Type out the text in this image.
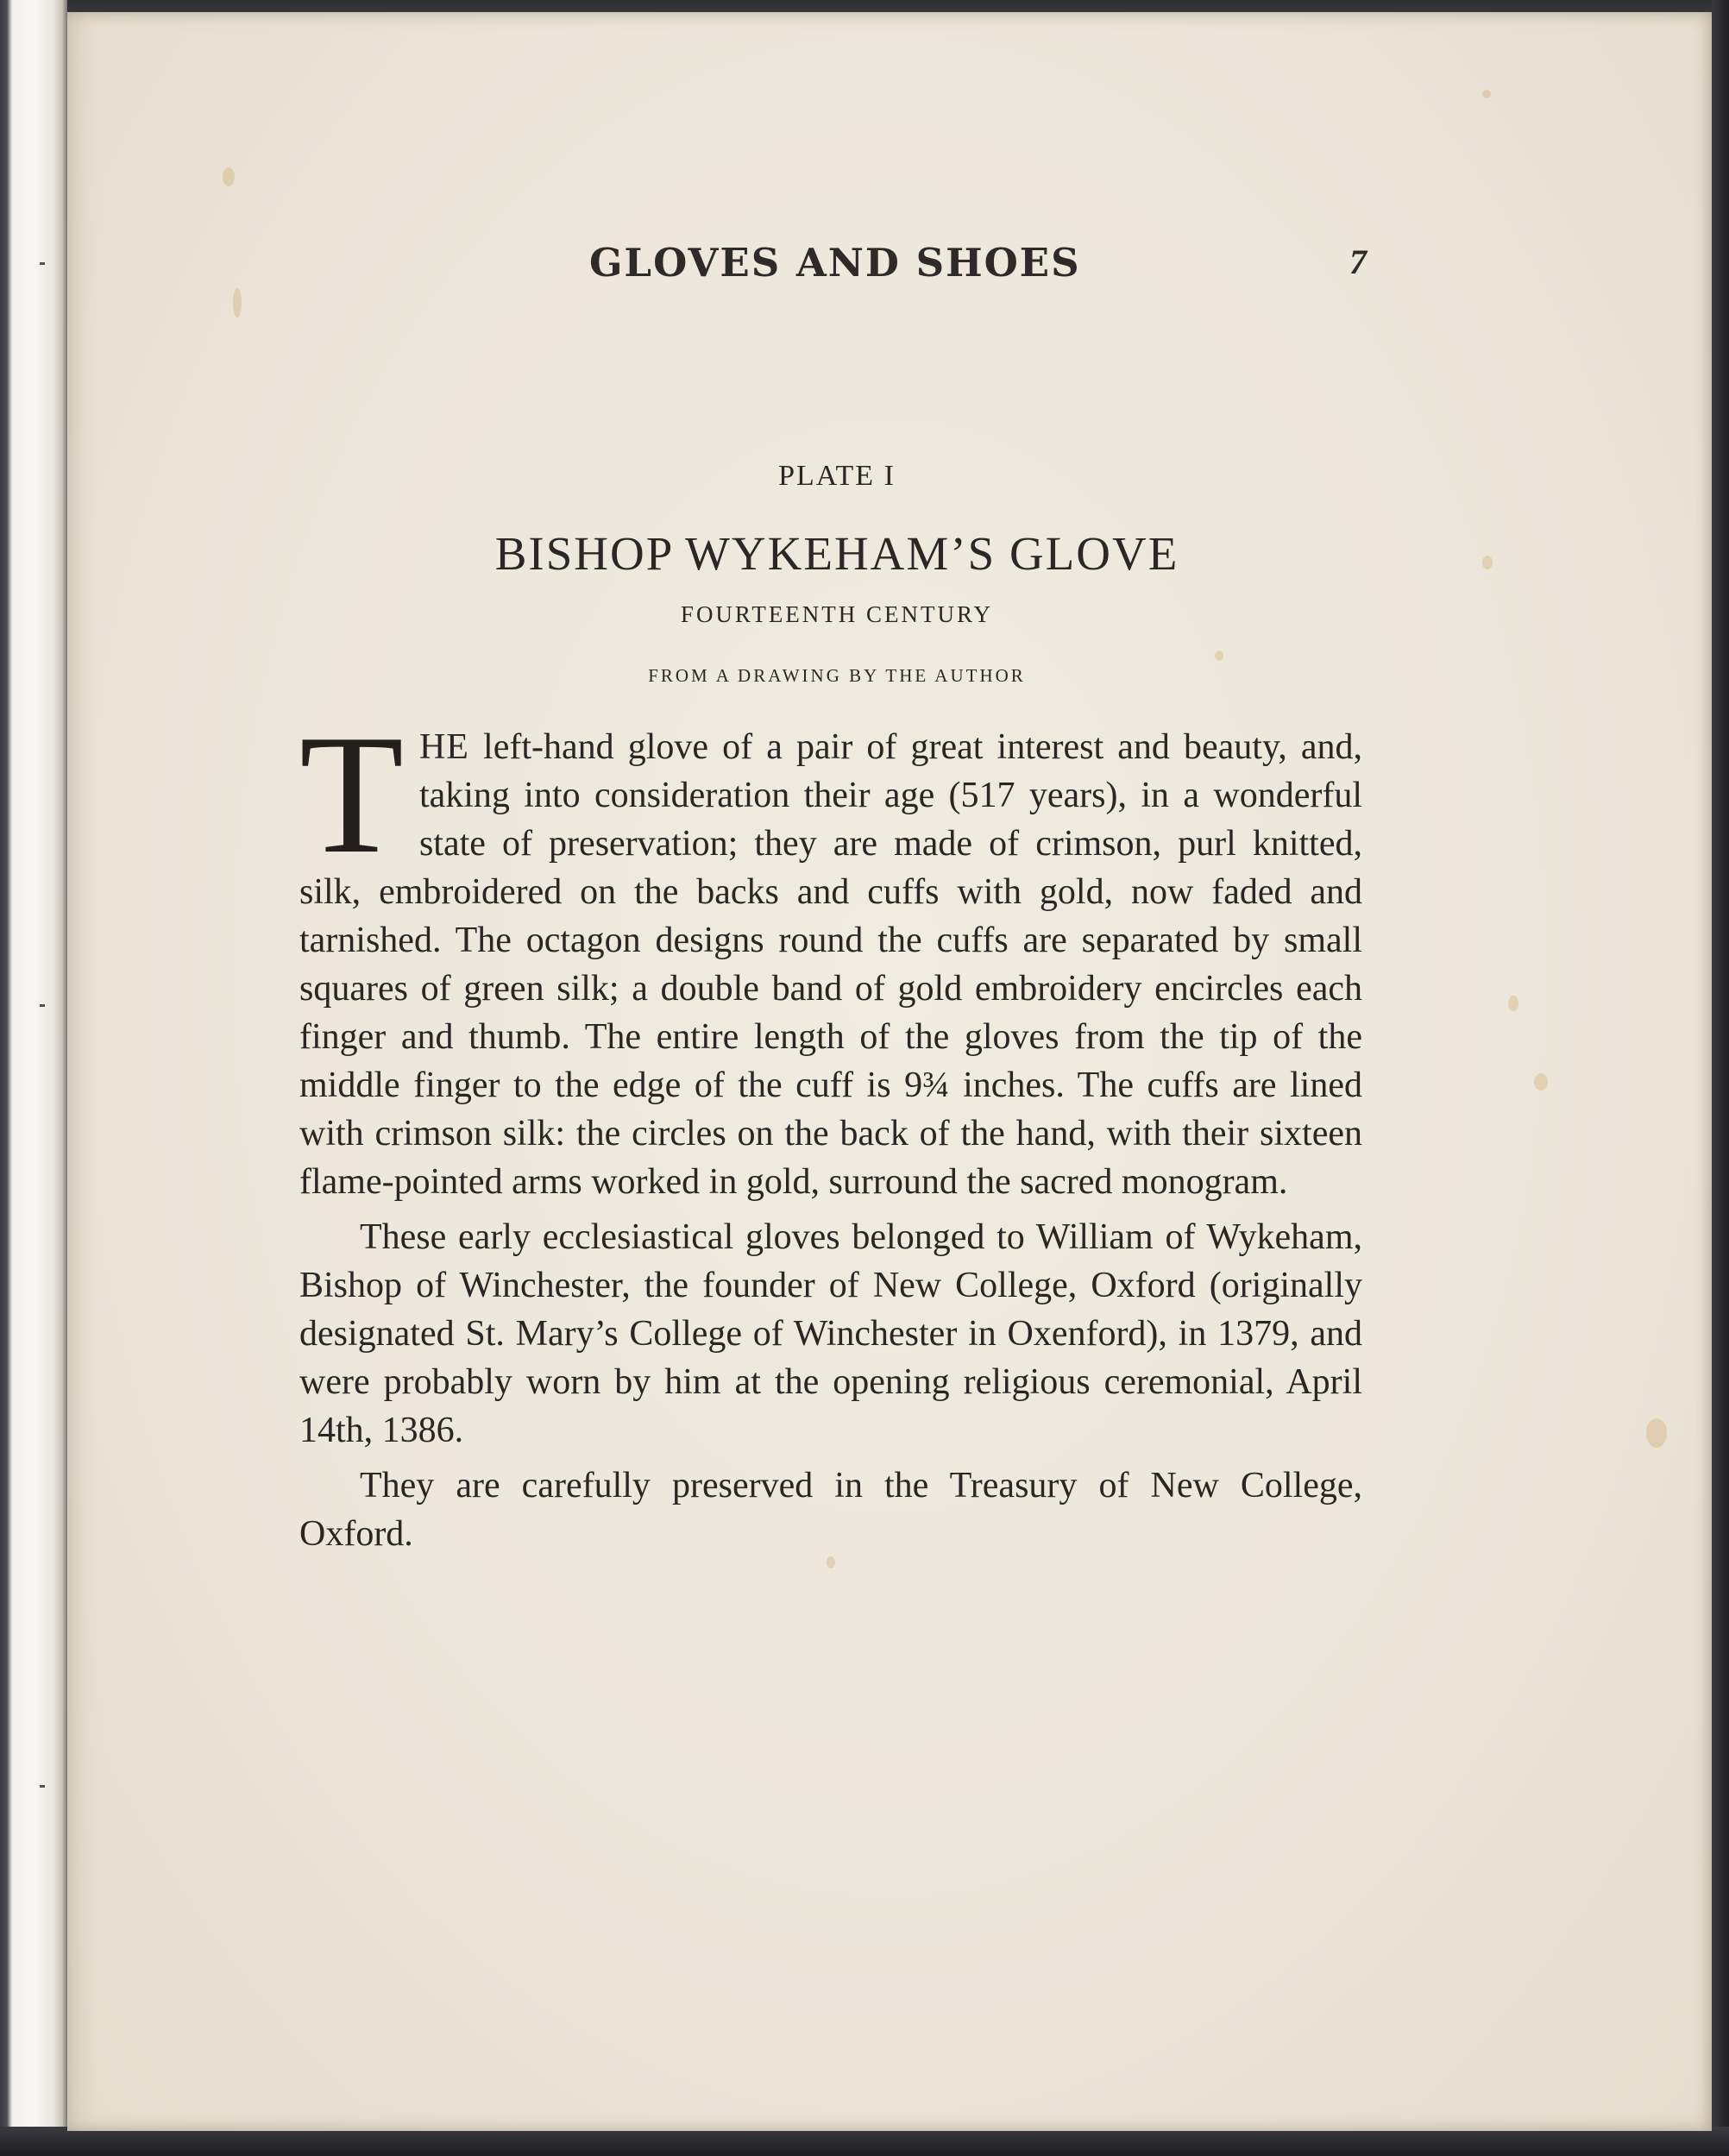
GLOVES AND SHOES	7
PLATE I
BISHOP WYKEHAM’S GLOVE
FOURTEENTH CENTURY
FROM A DRAWING BY THE AUTHOR

THE left-hand glove of a pair of great interest and beauty, and, taking into consideration their age (517 years), in a wonderful state of preservation; they are made of crimson, purl knitted, silk, embroidered on the backs and cuffs with gold, now faded and tarnished. The octagon designs round the cuffs are separated by small squares of green silk; a double band of gold embroidery encircles each finger and thumb. The entire length of the gloves from the tip of the middle finger to the edge of the cuff is 9¾ inches. The cuffs are lined with crimson silk: the circles on the back of the hand, with their sixteen flame-pointed arms worked in gold, surround the sacred monogram.

These early ecclesiastical gloves belonged to William of Wykeham, Bishop of Winchester, the founder of New College, Oxford (originally designated St. Mary’s College of Winchester in Oxenford), in 1379, and were probably worn by him at the opening religious ceremonial, April 14th, 1386.

They are carefully preserved in the Treasury of New College, Oxford.
